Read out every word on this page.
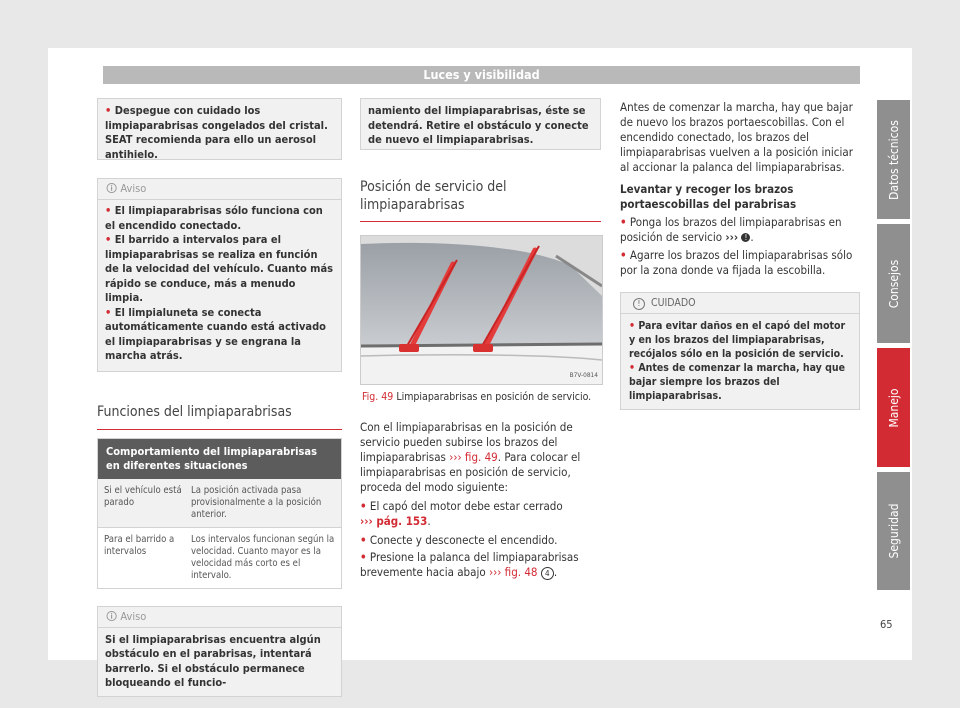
Luces y visibilidad
• Despegue con cuidado los limpiaparabrisas congelados del cristal. SEAT recomienda para ello un aerosol antihielo.
🛈 Aviso
• El limpiaparabrisas sólo funciona con el encendido conectado.
• El barrido a intervalos para el limpiaparabrisas se realiza en función de la velocidad del vehículo. Cuanto más rápido se conduce, más a menudo limpia.
• El limpialuneta se conecta automáticamente cuando está activado el limpiaparabrisas y se engrana la marcha atrás.
Funciones del limpiaparabrisas
Comportamiento del limpiaparabrisas en diferentes situaciones
Si el vehículo está parado
La posición activada pasa provisionalmente a la posición anterior.
Para el barrido a intervalos
Los intervalos funcionan según la velocidad. Cuanto mayor es la velocidad más corto es el intervalo.
🛈 Aviso
Si el limpiaparabrisas encuentra algún obstáculo en el parabrisas, intentará barrerlo. Si el obstáculo permanece bloqueando el funcio-
namiento del limpiaparabrisas, éste se detendrá. Retire el obstáculo y conecte de nuevo el limpiaparabrisas.
Posición de servicio del limpiaparabrisas
B7V-0814
Fig. 49 Limpiaparabrisas en posición de servicio.
Con el limpiaparabrisas en la posición de servicio pueden subirse los brazos del limpiaparabrisas ››› fig. 49. Para colocar el limpiaparabrisas en posición de servicio, proceda del modo siguiente:
• El capó del motor debe estar cerrado
››› pág. 153.
• Conecte y desconecte el encendido.
• Presione la palanca del limpiaparabrisas brevemente hacia abajo ››› fig. 48 4 .
Antes de comenzar la marcha, hay que bajar de nuevo los brazos portaescobillas. Con el encendido conectado, los brazos del limpiaparabrisas vuelven a la posición iniciar al accionar la palanca del limpiaparabrisas.
Levantar y recoger los brazos portaescobillas del parabrisas
• Ponga los brazos del limpiaparabrisas en posición de servicio ››› ! .
• Agarre los brazos del limpiaparabrisas sólo por la zona donde va fijada la escobilla.
! CUIDADO
• Para evitar daños en el capó del motor y en los brazos del limpiaparabrisas, recójalos sólo en la posición de servicio.
• Antes de comenzar la marcha, hay que bajar siempre los brazos del limpiaparabrisas.
Datos técnicos
Consejos
Manejo
Seguridad
65
